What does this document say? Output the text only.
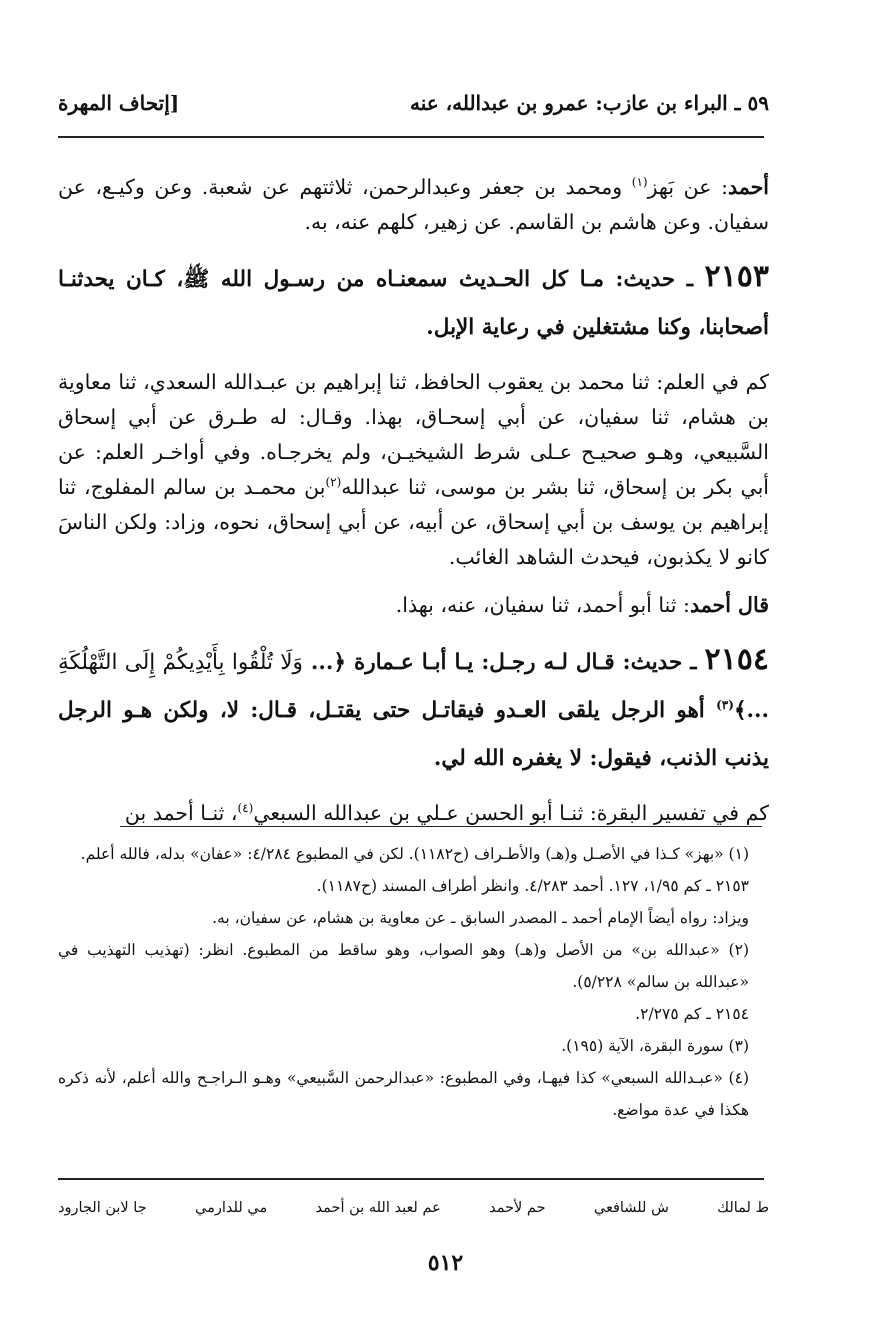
٥٩ ـ البراء بن عازب: عمرو بن عبدالله، عنه
[إتحاف المهرة

أحمد: عن بَهز$^{(١)}$ ومحمد بن جعفر وعبدالرحمن، ثلاثتهم عن شعبة. وعن وكيـع، عن سفيان. وعن هاشم بن القاسم. عن زهير، كلهم عنه، به.

٢١٥٣ ـ حديث: مـا كل الحـديث سمعنـاه من رسـول الله ﷺ، كـان يحدثنـا أصحابنا، وكنا مشتغلين في رعاية الإبل.

كم في العلم: ثنا محمد بن يعقوب الحافظ، ثنا إبراهيم بن عبـدالله السعدي، ثنا معاوية بن هشام، ثنا سفيان، عن أبي إسحـاق، بهذا. وقـال: له طـرق عن أبي إسحاق السَّبيعي، وهـو صحيـح عـلى شرط الشيخيـن، ولم يخرجـاه. وفي أواخـر العلم: عن أبي بكر بن إسحاق، ثنا بشر بن موسى، ثنا عبدالله$^{(٢)}$بن محمـد بن سالم المفلوج، ثنا إبراهيم بن يوسف بن أبي إسحاق، عن أبيه، عن أبي إسحاق، نحوه، وزاد: ولكن الناسَ كانو لا يكذبون، فيحدث الشاهد الغائب.

قال أحمد: ثنا أبو أحمد، ثنا سفيان، عنه، بهذا.

٢١٥٤ ـ حديث: قـال لـه رجـل: يـا أبـا عـمارة ﴿... وَلَا تُلْقُوا بِأَيْدِيكُمْ إِلَى التَّهْلُكَةِ ...﴾$^{(٣)}$ أهو الرجل يلقى العـدو فيقاتـل حتى يقتـل، قـال: لا، ولكن هـو الرجل يذنب الذنب، فيقول: لا يغفره الله لي.

كم في تفسير البقرة: ثنـا أبو الحسن عـلي بن عبدالله السبعي$^{(٤)}$، ثنـا أحمد بن

(١) «بهز» كـذا في الأصـل و(هـ) والأطـراف (ح١١٨٢). لكن في المطبوع ٤/٢٨٤: «عفان» بدله، فالله أعلم.

٢١٥٣ ـ كم ١/٩٥، ١٢٧. أحمد ٤/٢٨٣. وانظر أطراف المسند (ح١١٨٧).

ويزاد: رواه أيضاً الإمام أحمد ـ المصدر السابق ـ عن معاوية بن هشام، عن سفيان، به.

(٢) «عبدالله بن» من الأصل و(هـ) وهو الصواب، وهو ساقط من المطبوع. انظر: (تهذيب التهذيب في «عبدالله بن سالم» ٥/٢٢٨).

٢١٥٤ ـ كم ٢/٢٧٥.

(٣) سورة البقرة، الآية (١٩٥).

(٤) «عبـدالله السبعي» كذا فيهـا، وفي المطبوع: «عبدالرحمن السَّبيعي» وهـو الـراجـح والله أعلم، لأنه ذكره هكذا في عدة مواضع.

ط لمالك
ش للشافعي
حم لأحمد
عم لعبد الله بن أحمد
مي للدارمي
جا لابن الجارود
٥١٢
